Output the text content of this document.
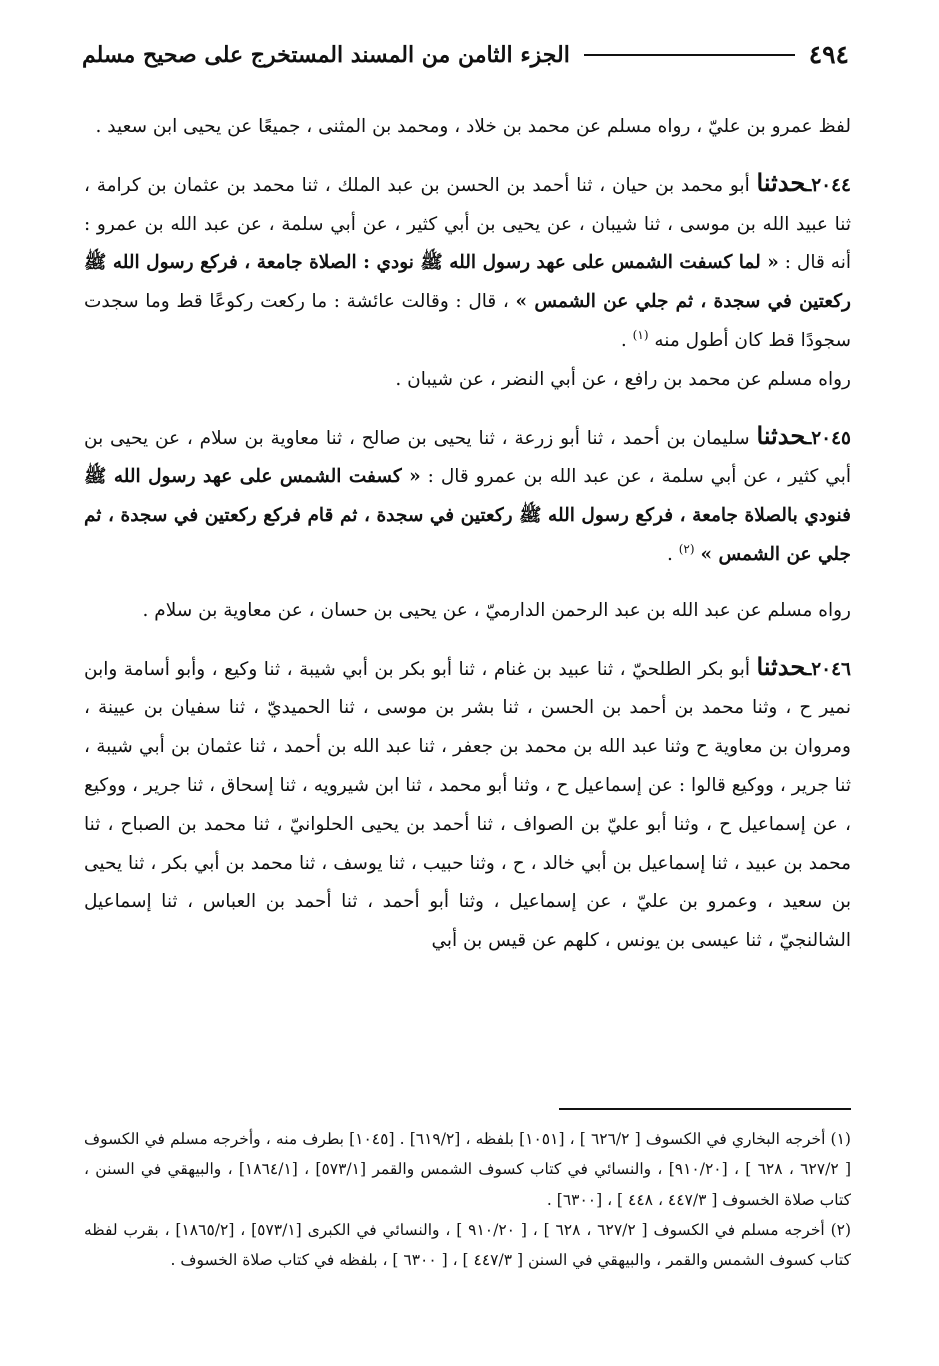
٤٩٤
الجزء الثامن من المسند المستخرج على صحيح مسلم

لفظ عمرو بن عليّ ، رواه مسلم عن محمد بن خلاد ، ومحمد بن المثنى ، جميعًا عن يحيى ابن سعيد .

٢٠٤٤ـحدثنا أبو محمد بن حيان ، ثنا أحمد بن الحسن بن عبد الملك ، ثنا محمد بن عثمان بن كرامة ، ثنا عبيد الله بن موسى ، ثنا شيبان ، عن يحيى بن أبي كثير ، عن أبي سلمة ، عن عبد الله بن عمرو : أنه قال : « لما كسفت الشمس على عهد رسول الله ﷺ نودي : الصلاة جامعة ، فركع رسول الله ﷺ ركعتين في سجدة ، ثم جلي عن الشمس » ، قال : وقالت عائشة : ما ركعت ركوعًا قط وما سجدت سجودًا قط كان أطول منه $^{(١)}$ .

رواه مسلم عن محمد بن رافع ، عن أبي النضر ، عن شيبان .

٢٠٤٥ـحدثنا سليمان بن أحمد ، ثنا أبو زرعة ، ثنا يحيى بن صالح ، ثنا معاوية بن سلام ، عن يحيى بن أبي كثير ، عن أبي سلمة ، عن عبد الله بن عمرو قال : « كسفت الشمس على عهد رسول الله ﷺ فنودي بالصلاة جامعة ، فركع رسول الله ﷺ ركعتين في سجدة ، ثم قام فركع ركعتين في سجدة ، ثم جلي عن الشمس » $^{(٢)}$ .

رواه مسلم عن عبد الله بن عبد الرحمن الدارميّ ، عن يحيى بن حسان ، عن معاوية بن سلام .

٢٠٤٦ـحدثنا أبو بكر الطلحيّ ، ثنا عبيد بن غنام ، ثنا أبو بكر بن أبي شيبة ، ثنا وكيع ، وأبو أسامة وابن نمير ح ، وثنا محمد بن أحمد بن الحسن ، ثنا بشر بن موسى ، ثنا الحميديّ ، ثنا سفيان بن عيينة ، ومروان بن معاوية ح وثنا عبد الله بن محمد بن جعفر ، ثنا عبد الله بن أحمد ، ثنا عثمان بن أبي شيبة ، ثنا جرير ، ووكيع قالوا : عن إسماعيل ح ، وثنا أبو محمد ، ثنا ابن شيرويه ، ثنا إسحاق ، ثنا جرير ، ووكيع ، عن إسماعيل ح ، وثنا أبو عليّ بن الصواف ، ثنا أحمد بن يحيى الحلوانيّ ، ثنا محمد بن الصباح ، ثنا محمد بن عبيد ، ثنا إسماعيل بن أبي خالد ، ح ، وثنا حبيب ، ثنا يوسف ، ثنا محمد بن أبي بكر ، ثنا يحيى بن سعيد ، وعمرو بن عليّ ، عن إسماعيل ، وثنا أبو أحمد ، ثنا أحمد بن العباس ، ثنا إسماعيل الشالنجيّ ، ثنا عيسى بن يونس ، كلهم عن قيس بن أبي

(١) أخرجه البخاري في الكسوف [ ٦٢٦/٢ ] ، [١٠٥١] بلفظه ، [٦١٩/٢] . [١٠٤٥] بطرف منه ، وأخرجه مسلم في الكسوف [ ٦٢٧/٢ ، ٦٢٨ ] ، [٩١٠/٢٠] ، والنسائي في كتاب كسوف الشمس والقمر [٥٧٣/١] ، [١٨٦٤/١] ، والبيهقي في السنن ، كتاب صلاة الخسوف [ ٤٤٧/٣ ، ٤٤٨ ] ، [٦٣٠٠] .

(٢) أخرجه مسلم في الكسوف [ ٦٢٧/٢ ، ٦٢٨ ] ، [ ٩١٠/٢٠ ] ، والنسائي في الكبرى [٥٧٣/١] ، [١٨٦٥/٢] ، بقرب لفظه كتاب كسوف الشمس والقمر ، والبيهقي في السنن [ ٤٤٧/٣ ] ، [ ٦٣٠٠ ] ، بلفظه في كتاب صلاة الخسوف .
